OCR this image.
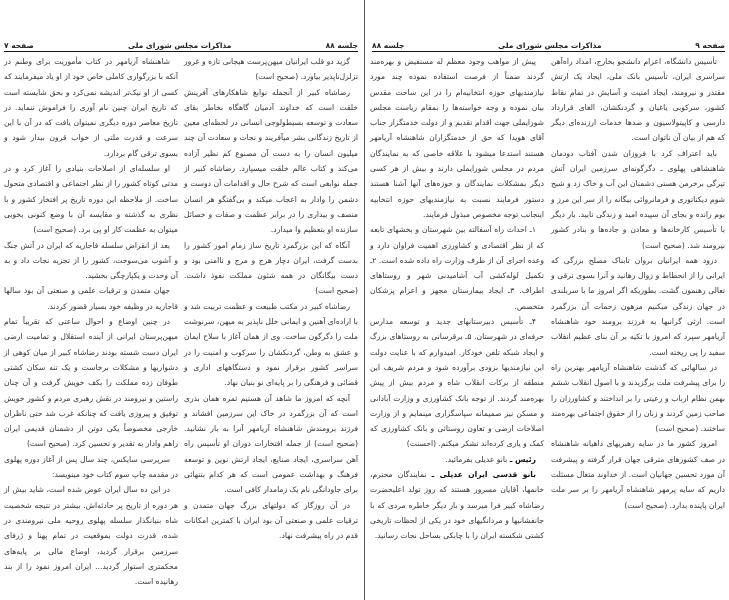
جلسه ۸۸
مذاکرات مجلس شورای ملی
صفحه ۷

گزید دو قلب ایرانیان میهن‌پرست هیجانی تازه و غرور تزلزل‌ناپذیر بیاورد. (صحیح است)

رضاشاه کبیر از آنجمله نوابغ شاهکارهای آفرینش خلقت است که خداوند آدمیان گاهگاه بخاطر بقای سعادت و توسعه بسیطولوجی انسانی در لحظه‌ای معین از تاریخ زندگانی بشر میآفریند و نجات و سعادت آن چند میلیون انسان را به دست آن مصنوع کم نظیر آزاده می‌کند و کتاب عالم خلقت میسپارد. رضاشاه کبیر از جمله نوابغی است که شرح حال و اقدامات آن دوست و دشمن را وادار به اعجاب میکند و بی‌گفتگو هر انسان منصف و بیداری را در برابر عظمت و صفات و خصائل سازنده او بتعظیم وا میدارد.

آنگاه که این بزرگمرد تاریخ ساز زمام امور کشور را بدست گرفت، ایران دچار هرج و مرج و ناامنی بود و دست بیگانگان در همه شئون مملکت نفوذ داشت. (صحیح است)

رضاشاه کبیر در مکتب طبیعت و عظمت تربیت شد و با اراده‌ای آهنین و ایمانی خلل ناپذیر به میهن، سرنوشت ملت را دگرگون ساخت. وی از همان آغاز با سلاح ایمان و عشق به وطن، گردنکشان را سرکوب و امنیت را در سراسر کشور برقرار نمود و دستگاههای اداری و قضائی و فرهنگی را بر پایه‌ای نو بنیان نهاد.

آنچه که امروز ما شاهد آن هستیم ثمره همان بذری است که آن بزرگمرد در خاک این سرزمین افشاند و فرزند برومندش شاهنشاه آریامهر آنرا به بار نشانید. (صحیح است) از جمله افتخارات دوران او تأسیس راه آهن سراسری، ایجاد صنایع، ایجاد ارتش نوین و توسعه فرهنگ و بهداشت عمومی است که هر کدام بتنهائی برای جاودانگی نام یک زمامدار کافی است.

در آن روزگار که دولتهای بزرگ جهان متمدن و ترقیات علمی و صنعتی آن بود ایران با کمترین امکانات قدم در راه پیشرفت نهاد.

شاهنشاه آریامهر در کتاب مأموریت برای وطنم در آنکه با بزرگواری کاملی خاص خود از او یاد میفرمایند که کسی از او نیک‌تر اندیشه نمی‌کرد و بحق شایسته است که تاریخ ایران چنین نام آوری را فراموش ننماید. در تاریخ معاصر دوره دیگری نمیتوان یافت که در آن با این سرعت و قدرت ملتی از خواب قرون بیدار شود و بسوی ترقی گام بردارد.

او سلسله‌ای از اصلاحات بنیادی را آغاز کرد و در مدتی کوتاه کشور را از نظر اجتماعی و اقتصادی متحول ساخت. از ملاحظه این دوره تاریخ پر افتخار کشور و با نظری به گذشته و مقایسه آن با وضع کنونی بخوبی میتوان به عظمت کار او پی برد. (صحیح است)

بعد از انقراض سلسله قاجاریه که ایران در آتش جنگ و آشوب می‌سوخت، کشور را از تجزیه نجات داد و به آن وحدت و یکپارچگی بخشید.

جهان متمدن و ترقیات علمی و صنعتی آن بود سالها قاجاریه در وظیفه خود بسیار قصور کردند.

در چنین اوضاع و احوال ساعتی که تقریباً تمام میهن‌پرستان ایرانی از آینده استقلال و تمامیت ارضی ایران دست شسته بودند رضاشاه کبیر از میان کوهی از دشواریها و مشکلات برخاست و یک تنه سکان کشتی طوفان زده مملکت را بکف خویش گرفت و آن چنان راستین و نیرومند در نقش رهبری مردم و کشور خویش توفیق و پیروزی یافت که چنانکه غرب شد حتی ناظران خارجی مخصوصاً یکی دوتن از دشمنان قدیمی ایران راهم وادار به تقدیر و تحسین کرد. (صحیح است)

سرپرسی سایکس، چند سال پس از آغاز دوره پهلوی در مقدمه چاپ سوم کتاب خود مینویسد:

در این ده سال ایران عوض شده است، شاید بیش از هر دوره از تاریخ پر حادثه‌اش. بیشتر در نتیجه شخصیت شاه بنیانگذار سلسله پهلوی روحیه ملی نیرومندی در شده، قدرت دولت بموقعیت در تمام پهنا و ژرفای سرزمین برقرار گردید، اوضاع مالی بر پایه‌های محکمتری استوار گردید... ایران امروز نمود را از بند رهانیده است.

صفحه ۹
مذاکرات مجلس شورای ملی
جلسه ۸۸

تأسیس دانشگاه، اعزام دانشجو بخارج، امداد راه‌آهن سراسری ایران، تأسیس بانک ملی، ایجاد یک ارتش مقتدر و نیرومند، ایجاد امنیت و آسایش در تمام نقاط کشور، سرکوبی یاغیان و گردنکشان، الغای قرارداد دارسی و کاپیتولاسیون و صدها خدمات ارزنده‌ای دیگر که هم از بیان آن ناتوان است.

باید اعتراف کرد با فروزان شدن آفتاب دودمان شاهنشاهی پهلوی ـ دگرگونه‌ای سرزمین ایران آتش تیرگی برخرمن هستی دشمنان این آب و خاک زد و شبح شوم دیکتاتوری و فرمانروائی بیگانه را از سر این مرز و بوم رانده و بجای آن سپیده امید و زندگی تابید. بار دیگر با تأسیس کارخانه‌ها و معادن و جاده‌ها و بنادر کشور نیرومند شد. (صحیح است)

درود همه ایرانیان بروان تابناک مصلح بزرگی که ایرانی را از انحطاط و زوال رهانید و آنرا بسوی ترقی و تعالی رهنمون گشت. بطوریکه اگر امروز ما با سربلندی در جهان زندگی میکنیم مرهون زحمات آن بزرگمرد است. ارثی گرانبها به فرزند برومند خود شاهنشاه آریامهر سپرد که امروز با تکیه بر آن بنای عظیم انقلاب سفید را پی ریخته است.

در سالهائی که گذشت شاهنشاه آریامهر بهترین راه را برای پیشرفت ملت برگزیدند و با اصول انقلاب ششم بهمن نظام ارباب و رعیتی را بر انداختند و کشاورزان را صاحب زمین کردند و زنان را از حقوق اجتماعی بهره‌مند ساختند. (صحیح است)

امروز کشور ما در سایه رهبریهای داهیانه شاهنشاه در صف کشورهای مترقی جهان قرار گرفته و پیشرفت آن مورد تحسین جهانیان است. از خداوند متعال مسئلت داریم که سایه پرمهر شاهنشاه آریامهر را بر سر ملت ایران پاینده بدارد. (صحیح است)

پیش از مواهب وجود معظم له مستفیض و بهره‌مند گردند ضمناً از فرصت استفاده نموده چند مورد نیازمندیهای حوزه انتخابیه‌ام را در این ساحت مقدس بیان نموده و وجه خواسته‌ها را بمقام ریاست مجلس شورایملی جهت اقدام تقدیم و از دولت خدمتگزار جناب آقای هویدا که حق از خدمتگزاران شاهنشاه آریامهر هستند استدعا میشود با علاقه خاصی که به نمایندگان مردم در مجلس شورایملی دارند و بیش از هر کسی دیگر بمشکلات نمایندگان و حوزه‌های آنها آشنا هستند دستور فرمایند نسبت به نیازمندیهای حوزه انتخابیه اینجانب توجه مخصوص مبذول فرمایند.

۱ـ احداث راه آسفالته بین شهرستان و بخشهای تابعه که از نظر اقتصادی و کشاورزی اهمیت فراوان دارد و وعده اجرای آن از طرف وزارت راه داده شده است. ۲ـ تکمیل لوله‌کشی آب آشامیدنی شهر و روستاهای اطراف. ۳ـ ایجاد بیمارستان مجهز و اعزام پزشکان متخصص.

۴ـ تأسیس دبیرستانهای جدید و توسعه مدارس حرفه‌ای در شهرستان. ۵ـ برقرسانی به روستاهای بزرگ و ایجاد شبکه تلفن خودکار. امیدوارم که با عنایت دولت این نیازمندیها بزودی برآورده شود و مردم شریف این منطقه از برکات انقلاب شاه و مردم بیش از پیش بهره‌مند گردند. از توجه بانک کشاورزی و وزارت آبادانی و مسکن نیز صمیمانه سپاسگزاری مینمایم و از وزارت اصلاحات ارضی و تعاون روستائی و بانک کشاورزی که کمک و یاری کرده‌اند تشکر میکنم. (احسنت)

رئیس ـ بانو عدیلی بفرمائید.

بانو قدسی ایران عدیلی ـ نمایندگان محترم، خانمها، آقایان مسرور هستند که روز تولد اعلیحضرت رضاشاه کبیر فرا میرسد و بار دیگر خاطره مردی که با جانفشانیها و مردانگیهای خود در یکی از لحظات تاریخی کشتی شکسته ایران را با چابکی بساحل نجات رسانید.
